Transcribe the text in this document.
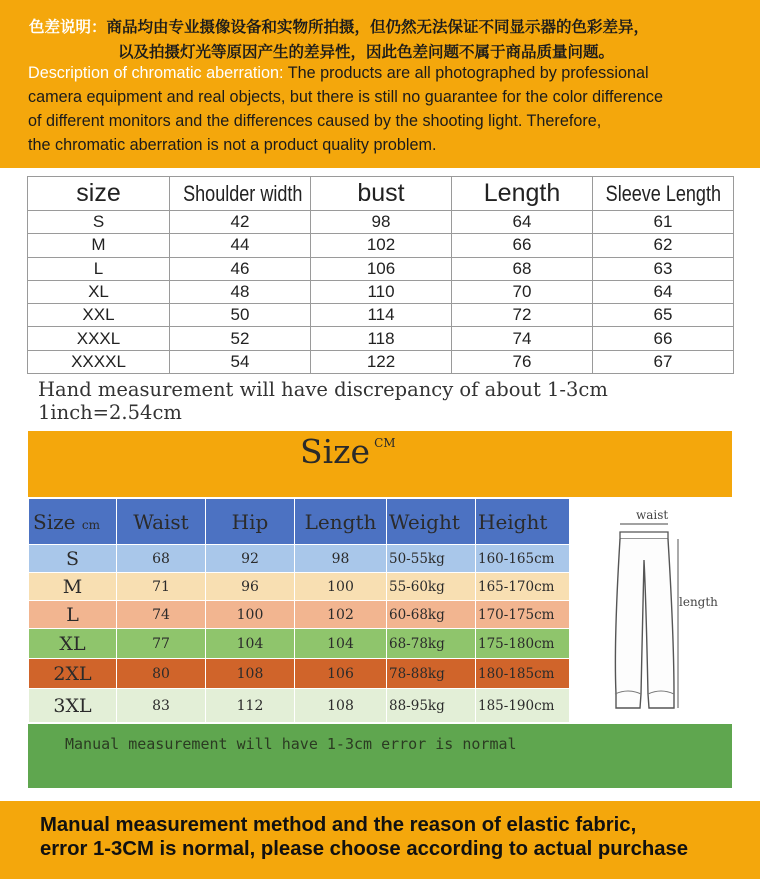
色差说明：商品均由专业摄像设备和实物所拍摄，但仍然无法保证不同显示器的色彩差异，
以及拍摄灯光等原因产生的差异性，因此色差问题不属于商品质量问题。
Description of chromatic aberration: The products are all photographed by professional
camera equipment and real objects, but there is still no guarantee for the color difference
of different monitors and the differences caused by the shooting light. Therefore,
the chromatic aberration is not a product quality problem.
size	Shoulder width	bust	Length	Sleeve Length
S	42	98	64	61
M	44	102	66	62
L	46	106	68	63
XL	48	110	70	64
XXL	50	114	72	65
XXXL	52	118	74	66
XXXXL	54	122	76	67
Hand measurement will have discrepancy of about 1-3cm
1inch=2.54cm
Size $^{CM}$
Size cm	Waist	Hip	Length	Weight	Height
S	68	92	98	50-55kg	160-165cm
M	71	96	100	55-60kg	165-170cm
L	74	100	102	60-68kg	170-175cm
XL	77	104	104	68-78kg	175-180cm
2XL	80	108	106	78-88kg	180-185cm
3XL	83	112	108	88-95kg	185-190cm
waist
length
Manual measurement will have 1-3cm error is normal
Manual measurement method and the reason of elastic fabric,
error 1-3CM is normal, please choose according to actual purchase
